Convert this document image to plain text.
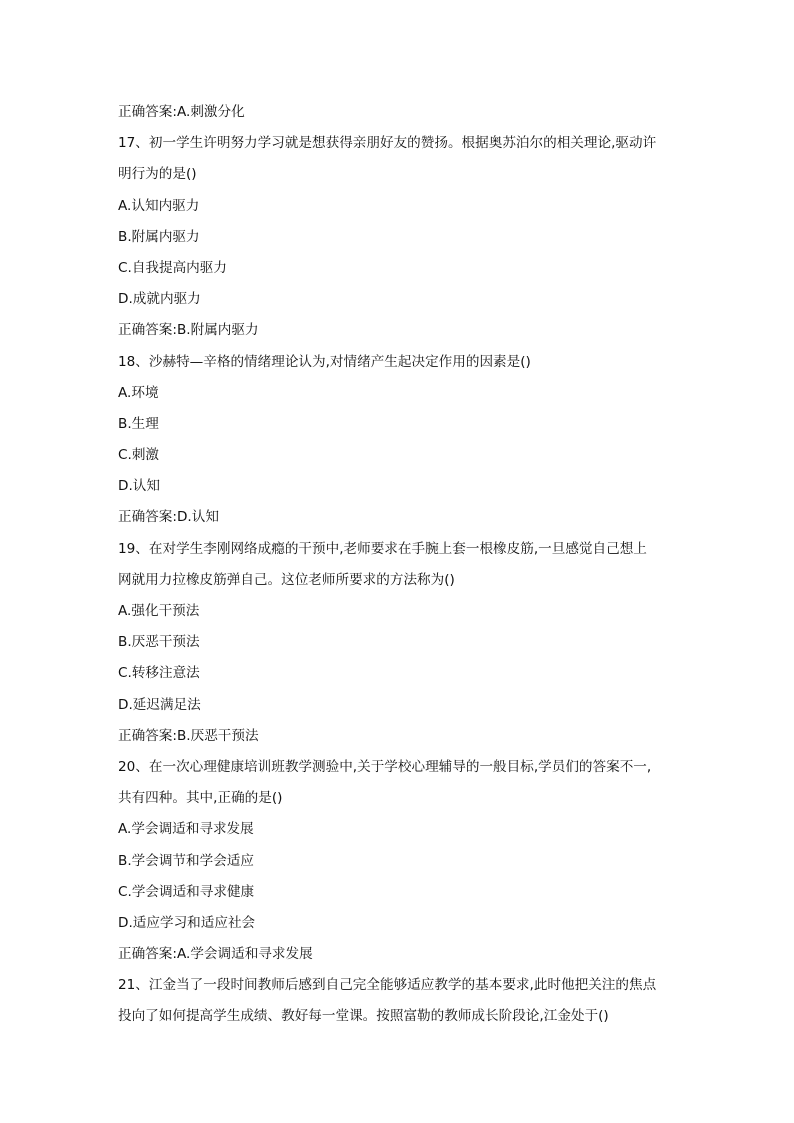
正确答案:A.刺激分化
17、初一学生许明努力学习就是想获得亲朋好友的赞扬。根据奥苏泊尔的相关理论,驱动许
明行为的是()
A.认知内驱力
B.附属内驱力
C.自我提高内驱力
D.成就内驱力
正确答案:B.附属内驱力
18、沙赫特—辛格的情绪理论认为,对情绪产生起决定作用的因素是()
A.环境
B.生理
C.刺激
D.认知
正确答案:D.认知
19、在对学生李刚网络成瘾的干预中,老师要求在手腕上套一根橡皮筋,一旦感觉自己想上
网就用力拉橡皮筋弹自己。这位老师所要求的方法称为()
A.强化干预法
B.厌恶干预法
C.转移注意法
D.延迟满足法
正确答案:B.厌恶干预法
20、在一次心理健康培训班教学测验中,关于学校心理辅导的一般目标,学员们的答案不一,
共有四种。其中,正确的是()
A.学会调适和寻求发展
B.学会调节和学会适应
C.学会调适和寻求健康
D.适应学习和适应社会
正确答案:A.学会调适和寻求发展
21、江金当了一段时间教师后感到自己完全能够适应教学的基本要求,此时他把关注的焦点
投向了如何提高学生成绩、教好每一堂课。按照富勒的教师成长阶段论,江金处于()
